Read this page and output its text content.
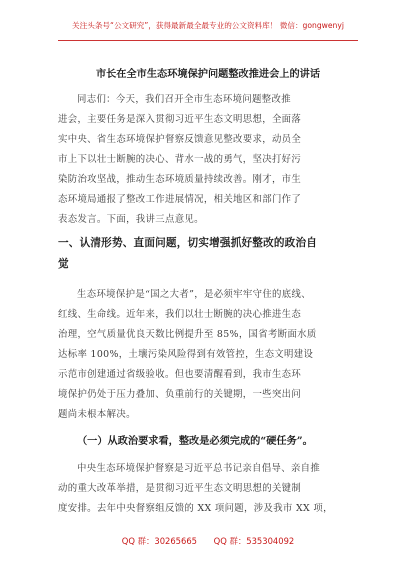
关注头条号“公文研究”，获得最新最全最专业的公文资料库！ 微信：gongwenyj
市长在全市生态环境保护问题整改推进会上的讲话
同志们：今天，我们召开全市生态环境问题整改推
进会，主要任务是深入贯彻习近平生态文明思想，全面落
实中央、省生态环境保护督察反馈意见整改要求，动员全
市上下以壮士断腕的决心、背水一战的勇气，坚决打好污
染防治攻坚战，推动生态环境质量持续改善。刚才，市生
态环境局通报了整改工作进展情况，相关地区和部门作了
表态发言。下面，我讲三点意见。
一、认清形势、直面问题，切实增强抓好整改的政治自
觉
生态环境保护是“国之大者”，是必须牢牢守住的底线、
红线、生命线。近年来，我们以壮士断腕的决心推进生态
治理，空气质量优良天数比例提升至 85%，国省考断面水质
达标率 100%，土壤污染风险得到有效管控，生态文明建设
示范市创建通过省级验收。但也要清醒看到，我市生态环
境保护仍处于压力叠加、负重前行的关键期，一些突出问
题尚未根本解决。
（一）从政治要求看，整改是必须完成的“硬任务”。
中央生态环境保护督察是习近平总书记亲自倡导、亲自推
动的重大改革举措，是贯彻习近平生态文明思想的关键制
度安排。去年中央督察组反馈的 XX 项问题，涉及我市 XX 项，
QQ 群：30265665 QQ 群：535304092
